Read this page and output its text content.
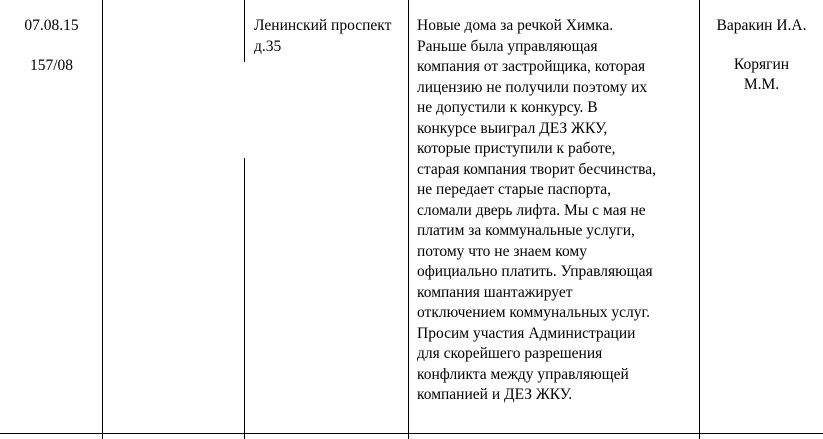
07.08.15
157/08
Ленинский проспект д.35
Новые дома за речкой Химка.
Раньше была управляющая
компания от застройщика, которая
лицензию не получили поэтому их
не допустили к конкурсу. В
конкурсе выиграл ДЕЗ ЖКУ,
которые приступили к работе,
старая компания творит бесчинства,
не передает старые паспорта,
сломали дверь лифта. Мы с мая не
платим за коммунальные услуги,
потому что не знаем кому
официально платить. Управляющая
компания шантажирует
отключением коммунальных услуг.
Просим участия Администрации
для скорейшего разрешения
конфликта между управляющей
компанией и ДЕЗ ЖКУ.
Варакин И.А.
Корягин
М.М.
